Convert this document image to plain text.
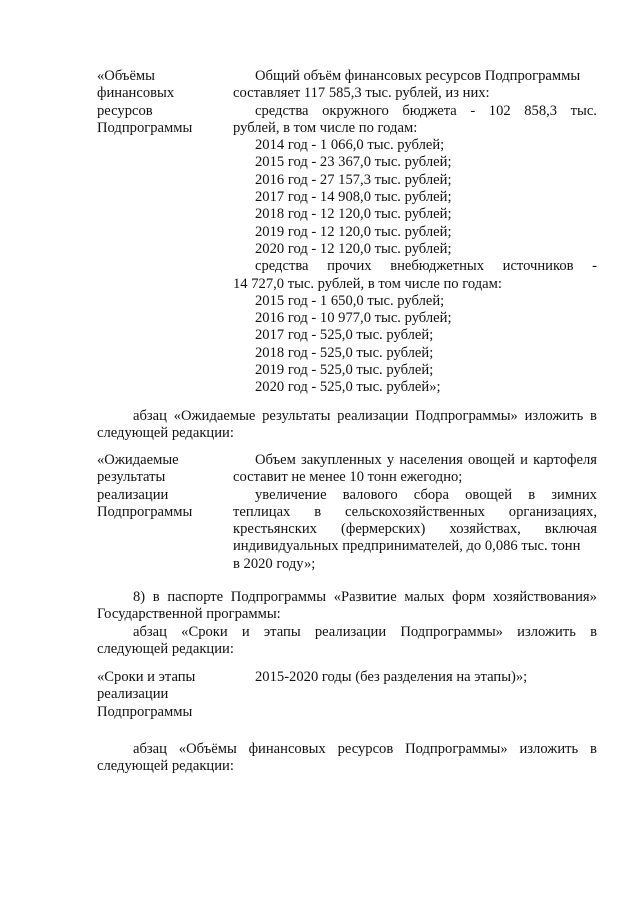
«Объёмы
финансовых
ресурсов
Подпрограммы
Общий объём финансовых ресурсов Подпрограммы
составляет 117 585,3 тыс. рублей, из них:
средства окружного бюджета - 102 858,3 тыс.
рублей, в том числе по годам:
2014 год - 1 066,0 тыс. рублей;
2015 год - 23 367,0 тыс. рублей;
2016 год - 27 157,3 тыс. рублей;
2017 год - 14 908,0 тыс. рублей;
2018 год - 12 120,0 тыс. рублей;
2019 год - 12 120,0 тыс. рублей;
2020 год - 12 120,0 тыс. рублей;
средства прочих внебюджетных источников -
14 727,0 тыс. рублей, в том числе по годам:
2015 год - 1 650,0 тыс. рублей;
2016 год - 10 977,0 тыс. рублей;
2017 год - 525,0 тыс. рублей;
2018 год - 525,0 тыс. рублей;
2019 год - 525,0 тыс. рублей;
2020 год - 525,0 тыс. рублей»;
абзац «Ожидаемые результаты реализации Подпрограммы» изложить в
следующей редакции:
«Ожидаемые
результаты
реализации
Подпрограммы
Объем закупленных у населения овощей и картофеля
составит не менее 10 тонн ежегодно;
увеличение валового сбора овощей в зимних
теплицах в сельскохозяйственных организациях,
крестьянских (фермерских) хозяйствах, включая
индивидуальных предпринимателей, до 0,086 тыс. тонн
в 2020 году»;
8) в паспорте Подпрограммы «Развитие малых форм хозяйствования»
Государственной программы:
абзац «Сроки и этапы реализации Подпрограммы» изложить в
следующей редакции:
«Сроки и этапы
реализации
Подпрограммы
2015-2020 годы (без разделения на этапы)»;
абзац «Объёмы финансовых ресурсов Подпрограммы» изложить в
следующей редакции:
